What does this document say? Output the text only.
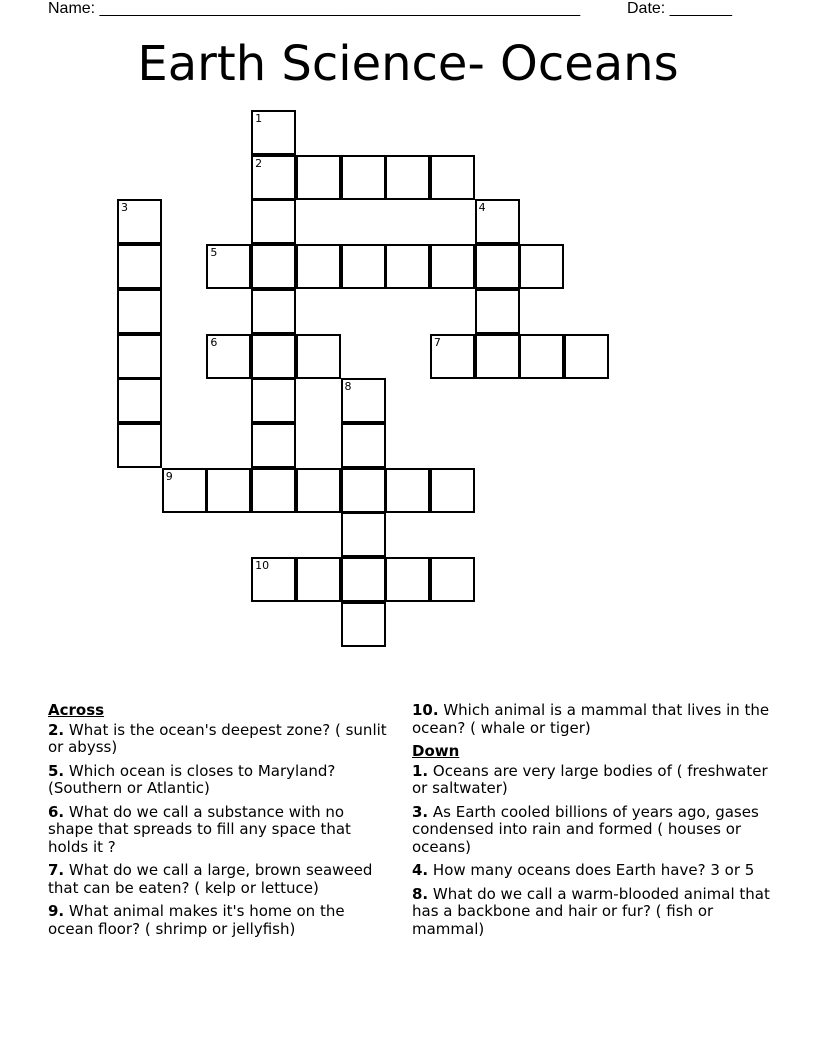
Name: ______________________________________________________	Date: _______
Earth Science- Oceans
1
2
3	4
5
6	7
8
9
10
Across
2. What is the ocean's deepest zone? ( sunlit or abyss)
5. Which ocean is closes to Maryland? (Southern or Atlantic)
6. What do we call a substance with no shape that spreads to fill any space that holds it ?
7. What do we call a large, brown seaweed that can be eaten? ( kelp or lettuce)
9. What animal makes it's home on the ocean floor? ( shrimp or jellyfish)
10. Which animal is a mammal that lives in the ocean? ( whale or tiger)
Down
1. Oceans are very large bodies of ( freshwater or saltwater)
3. As Earth cooled billions of years ago, gases condensed into rain and formed ( houses or oceans)
4. How many oceans does Earth have? 3 or 5
8. What do we call a warm-blooded animal that has a backbone and hair or fur? ( fish or mammal)
